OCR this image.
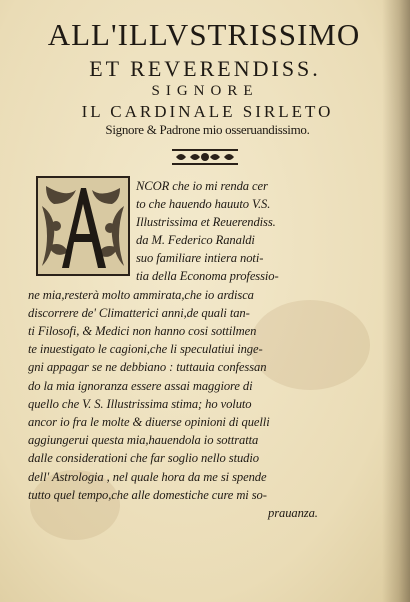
ALL'ILLVSTRISSIMO
ET REVERENDISS.
SIGNORE
IL CARDINALE SIRLETO
Signore & Padrone mio osseruandissimo.
NCOR che io mi renda cer
to che hauendo hauuto V.S.
Illustrissima et Reuerendiss.
da M. Federico Ranaldi
suo familiare intiera noti-
tia della Economa professio-
ne mia,resterà molto ammirata,che io ardisca
discorrere de' Climatterici anni,de quali tan-
ti Filosofi, & Medici non hanno cosi sottilmen
te inuestigato le cagioni,che li speculatiui inge-
gni appagar se ne debbiano : tuttauia confessan
do la mia ignoranza essere assai maggiore di
quello che V. S. Illustrissima stima; ho voluto
ancor io fra le molte & diuerse opinioni di quelli
aggiungerui questa mia,hauendola io sottratta
dalle considerationi che far soglio nello studio
dell' Astrologia , nel quale hora da me si spende
tutto quel tempo,che alle domestiche cure mi so-
prauanza.
